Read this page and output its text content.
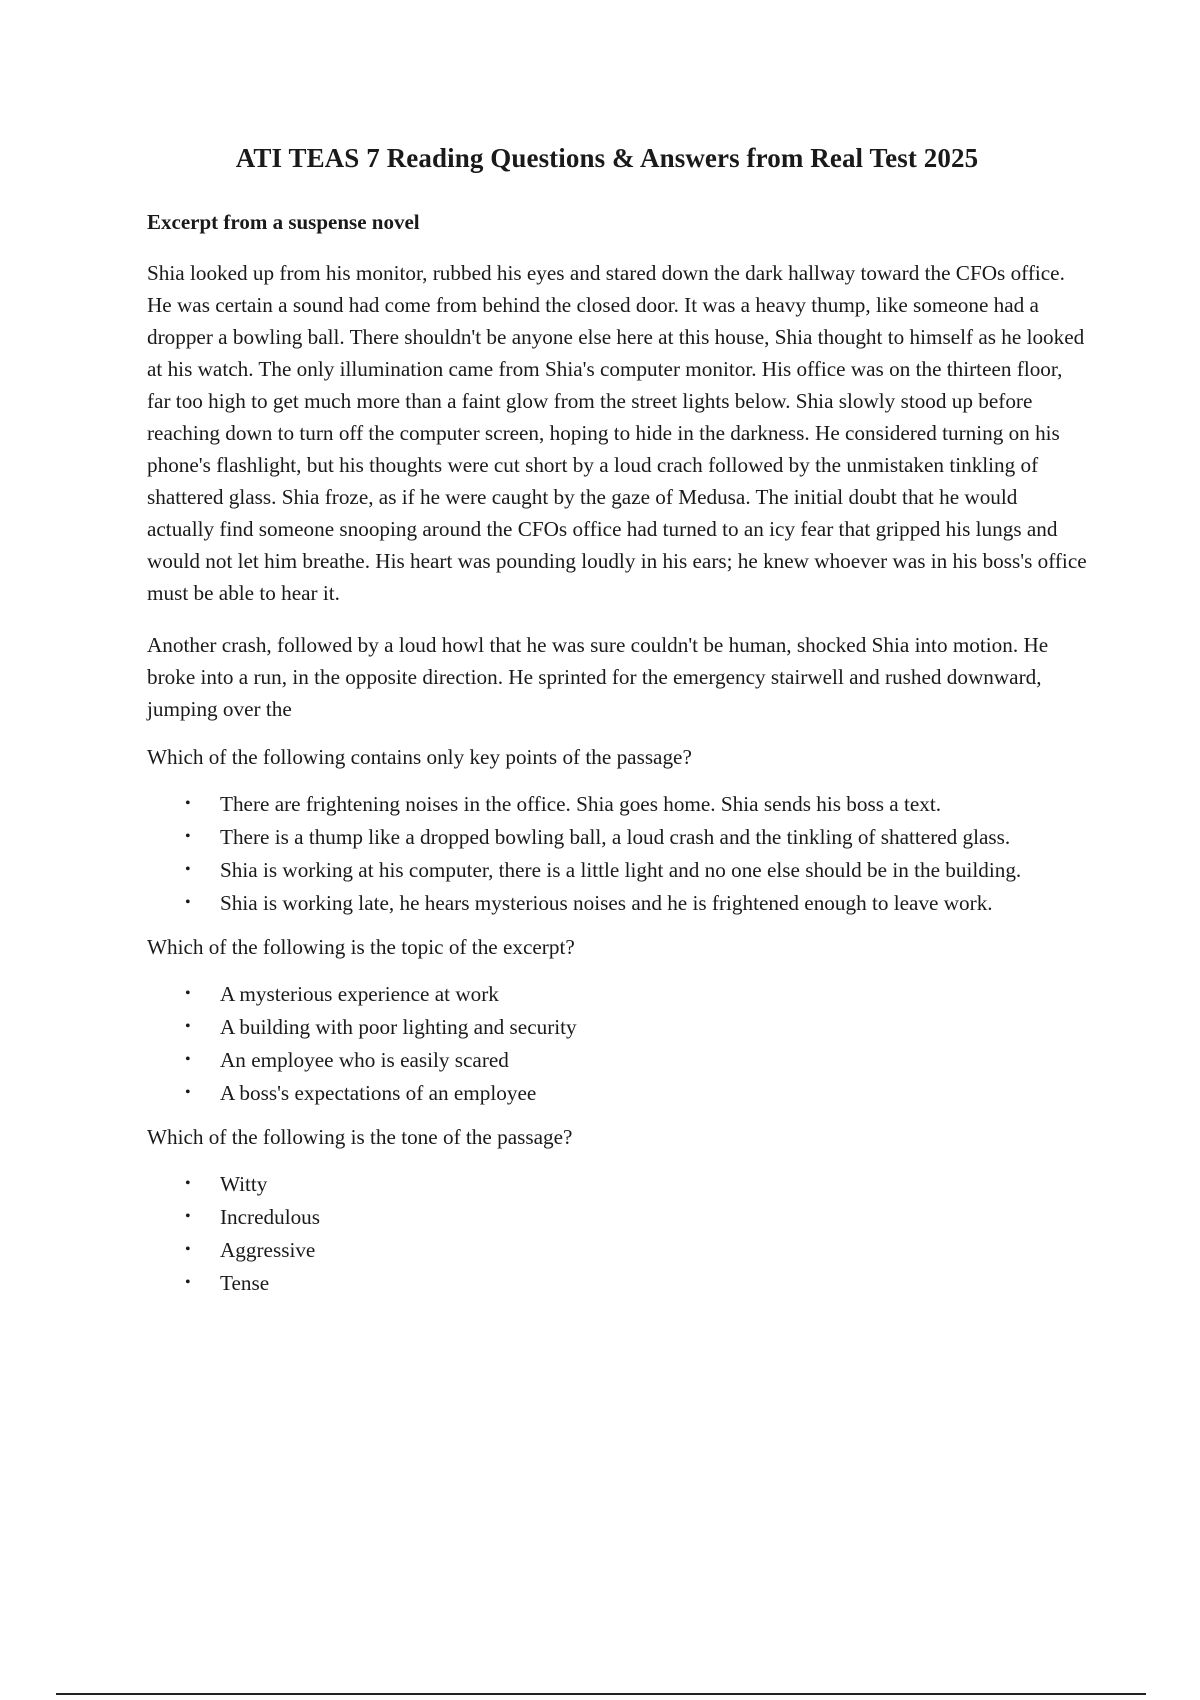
ATI TEAS 7 Reading Questions & Answers from Real Test 2025
Excerpt from a suspense novel

Shia looked up from his monitor, rubbed his eyes and stared down the dark hallway toward the CFOs office. He was certain a sound had come from behind the closed door. It was a heavy thump, like someone had a dropper a bowling ball. There shouldn't be anyone else here at this house, Shia thought to himself as he looked at his watch. The only illumination came from Shia's computer monitor. His office was on the thirteen floor, far too high to get much more than a faint glow from the street lights below. Shia slowly stood up before reaching down to turn off the computer screen, hoping to hide in the darkness. He considered turning on his phone's flashlight, but his thoughts were cut short by a loud crach followed by the unmistaken tinkling of shattered glass. Shia froze, as if he were caught by the gaze of Medusa. The initial doubt that he would actually find someone snooping around the CFOs office had turned to an icy fear that gripped his lungs and would not let him breathe. His heart was pounding loudly in his ears; he knew whoever was in his boss's office must be able to hear it.

Another crash, followed by a loud howl that he was sure couldn't be human, shocked Shia into motion. He broke into a run, in the opposite direction. He sprinted for the emergency stairwell and rushed downward, jumping over the

Which of the following contains only key points of the passage?

• There are frightening noises in the office. Shia goes home. Shia sends his boss a text.
• There is a thump like a dropped bowling ball, a loud crash and the tinkling of shattered glass.
• Shia is working at his computer, there is a little light and no one else should be in the building.
• Shia is working late, he hears mysterious noises and he is frightened enough to leave work.

Which of the following is the topic of the excerpt?

• A mysterious experience at work
• A building with poor lighting and security
• An employee who is easily scared
• A boss's expectations of an employee

Which of the following is the tone of the passage?

• Witty
• Incredulous
• Aggressive
• Tense
